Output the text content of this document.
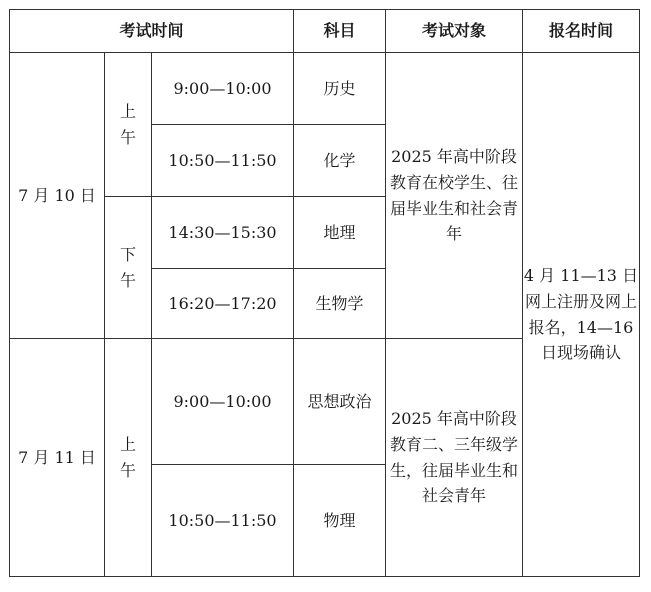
考试时间			科目	考试对象	报名时间
7 月 10 日	上午	9:00—10:00	历史	2025 年高中阶段教育在校学生、往届毕业生和社会青年	4 月 11—13 日网上注册及网上报名，14—16 日现场确认
		10:50—11:50	化学		
	下午	14:30—15:30	地理		
		16:20—17:20	生物学		
7 月 11 日	上午	9:00—10:00	思想政治	2025 年高中阶段教育二、三年级学生，往届毕业生和社会青年	
		10:50—11:50	物理		
